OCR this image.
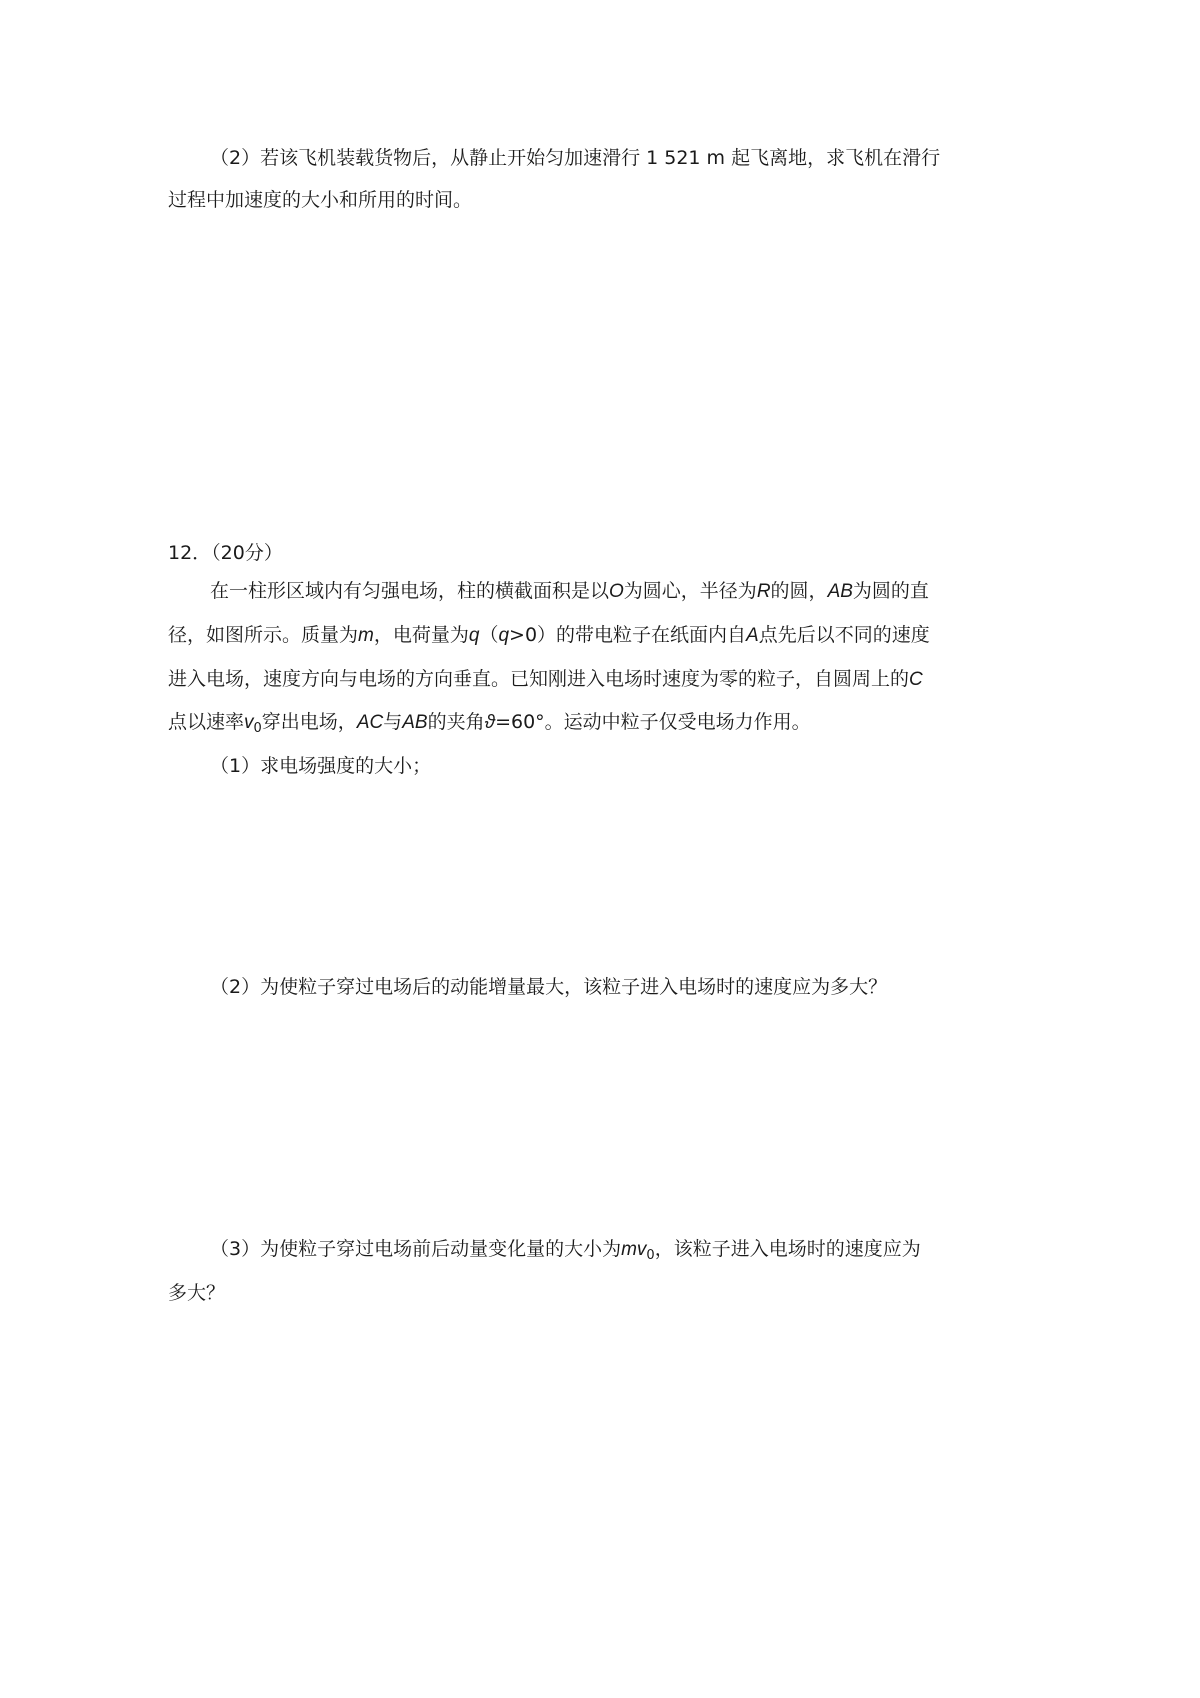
（2）若该飞机装载货物后，从静止开始匀加速滑行 1 521 m 起飞离地，求飞机在滑行
过程中加速度的大小和所用的时间。
12．（20分）
在一柱形区域内有匀强电场，柱的横截面积是以O为圆心，半径为R的圆，AB为圆的直
径，如图所示。质量为m，电荷量为q（q>0）的带电粒子在纸面内自A点先后以不同的速度
进入电场，速度方向与电场的方向垂直。已知刚进入电场时速度为零的粒子，自圆周上的C
点以速率$v_0$穿出电场，AC与AB的夹角ϑ=60°。运动中粒子仅受电场力作用。
（1）求电场强度的大小；
（2）为使粒子穿过电场后的动能增量最大，该粒子进入电场时的速度应为多大？
（3）为使粒子穿过电场前后动量变化量的大小为$mv_0$，该粒子进入电场时的速度应为
多大？
